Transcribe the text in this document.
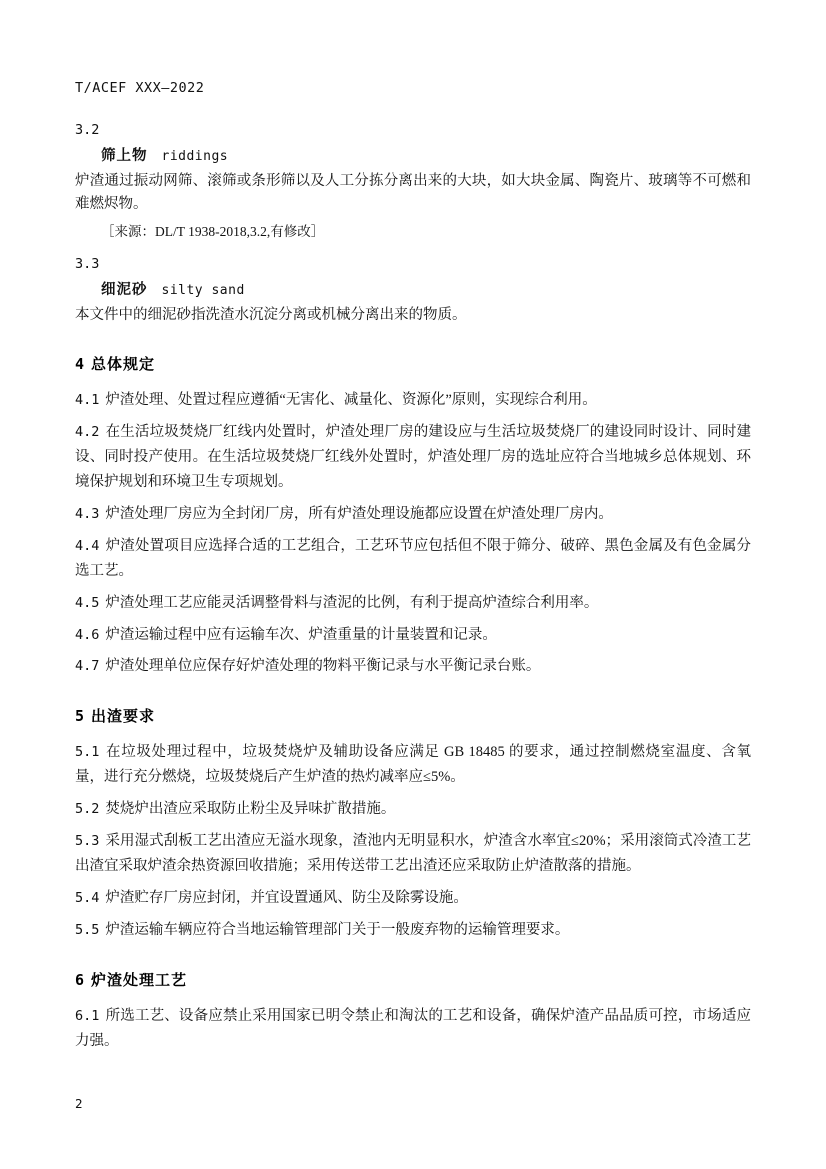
T/ACEF XXX—2022
3.2
筛上物 riddings

炉渣通过振动网筛、滚筛或条形筛以及人工分拣分离出来的大块，如大块金属、陶瓷片、玻璃等不可燃和难燃烬物。

［来源：DL/T 1938-2018,3.2,有修改］
3.3
细泥砂 silty sand

本文件中的细泥砂指洗渣水沉淀分离或机械分离出来的物质。

4 总体规定

4.1 炉渣处理、处置过程应遵循“无害化、减量化、资源化”原则，实现综合利用。

4.2 在生活垃圾焚烧厂红线内处置时，炉渣处理厂房的建设应与生活垃圾焚烧厂的建设同时设计、同时建设、同时投产使用。在生活垃圾焚烧厂红线外处置时，炉渣处理厂房的选址应符合当地城乡总体规划、环境保护规划和环境卫生专项规划。

4.3 炉渣处理厂房应为全封闭厂房，所有炉渣处理设施都应设置在炉渣处理厂房内。

4.4 炉渣处置项目应选择合适的工艺组合，工艺环节应包括但不限于筛分、破碎、黑色金属及有色金属分选工艺。

4.5 炉渣处理工艺应能灵活调整骨料与渣泥的比例，有利于提高炉渣综合利用率。

4.6 炉渣运输过程中应有运输车次、炉渣重量的计量装置和记录。

4.7 炉渣处理单位应保存好炉渣处理的物料平衡记录与水平衡记录台账。

5 出渣要求

5.1 在垃圾处理过程中，垃圾焚烧炉及辅助设备应满足 GB 18485 的要求，通过控制燃烧室温度、含氧量，进行充分燃烧，垃圾焚烧后产生炉渣的热灼减率应≤5%。

5.2 焚烧炉出渣应采取防止粉尘及异味扩散措施。

5.3 采用湿式刮板工艺出渣应无溢水现象，渣池内无明显积水，炉渣含水率宜≤20%；采用滚筒式冷渣工艺出渣宜采取炉渣余热资源回收措施；采用传送带工艺出渣还应采取防止炉渣散落的措施。

5.4 炉渣贮存厂房应封闭，并宜设置通风、防尘及除雾设施。

5.5 炉渣运输车辆应符合当地运输管理部门关于一般废弃物的运输管理要求。

6 炉渣处理工艺

6.1 所选工艺、设备应禁止采用国家已明令禁止和淘汰的工艺和设备，确保炉渣产品品质可控，市场适应力强。

2
